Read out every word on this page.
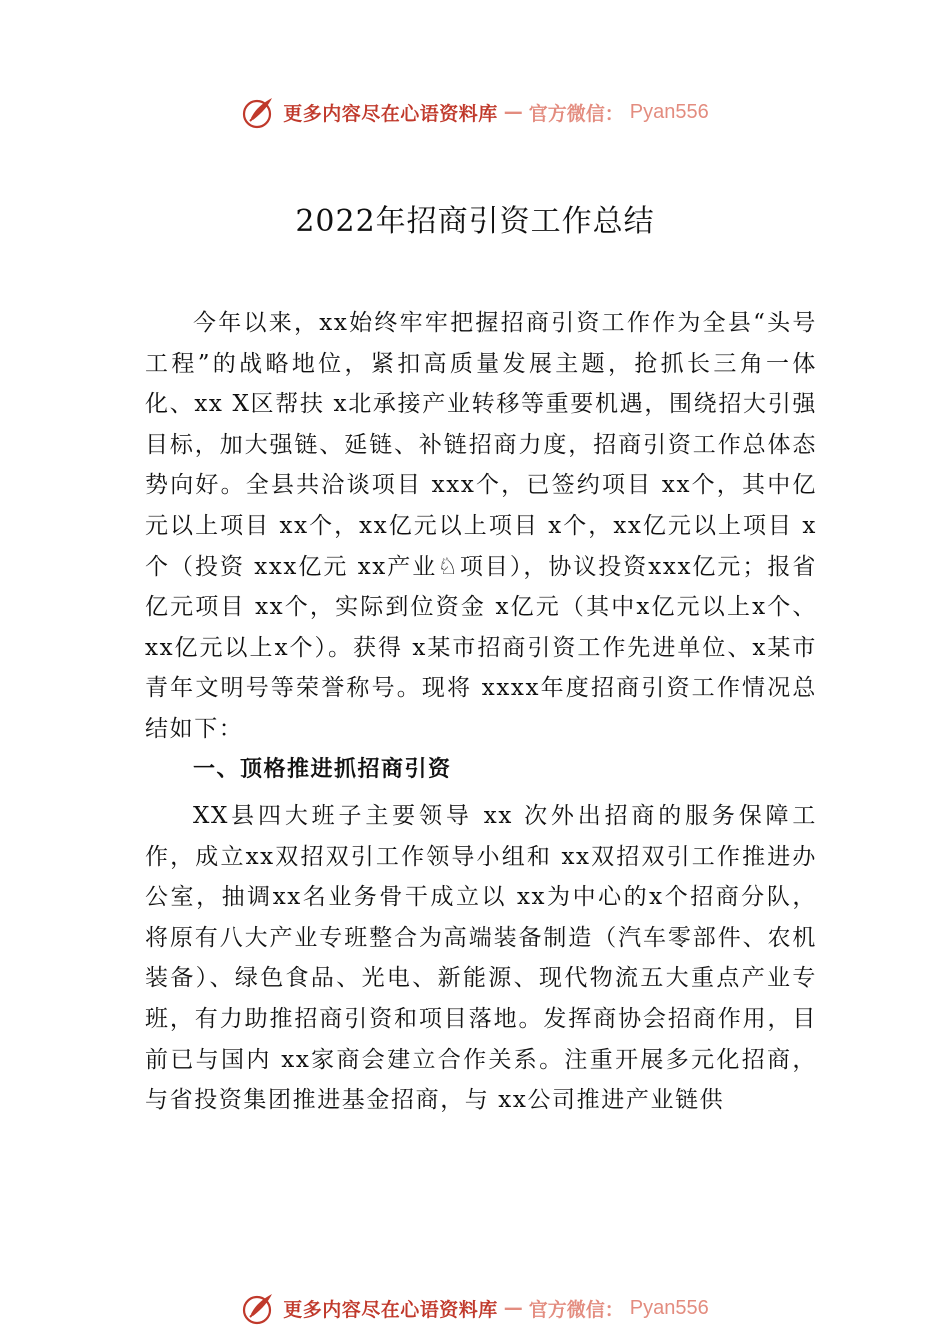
更多内容尽在心语资料库 — 官方微信： Pyan556
2022年招商引资工作总结

今年以来，xx始终牢牢把握招商引资工作作为全县“头号工程”的战略地位，紧扣高质量发展主题，抢抓长三角一体化、xx X区帮扶 x北承接产业转移等重要机遇，围绕招大引强目标，加大强链、延链、补链招商力度，招商引资工作总体态势向好。全县共洽谈项目 xxx个，已签约项目 xx个，其中亿元以上项目 xx个，xx亿元以上项目 x个，xx亿元以上项目 x个（投资 xxx亿元 xx产业♘项目），协议投资xxx亿元；报省亿元项目 xx个，实际到位资金 x亿元（其中x亿元以上x个、xx亿元以上x个）。获得 x某市招商引资工作先进单位、x某市青年文明号等荣誉称号。现将 xxxx年度招商引资工作情况总结如下：

一、顶格推进抓招商引资

XX县四大班子主要领导 xx 次外出招商的服务保障工作，成立xx双招双引工作领导小组和 xx双招双引工作推进办公室，抽调xx名业务骨干成立以 xx为中心的x个招商分队，将原有八大产业专班整合为高端装备制造（汽车零部件、农机装备）、绿色食品、光电、新能源、现代物流五大重点产业专班，有力助推招商引资和项目落地。发挥商协会招商作用，目前已与国内 xx家商会建立合作关系。注重开展多元化招商，与省投资集团推进基金招商，与 xx公司推进产业链供

更多内容尽在心语资料库 — 官方微信： Pyan556
